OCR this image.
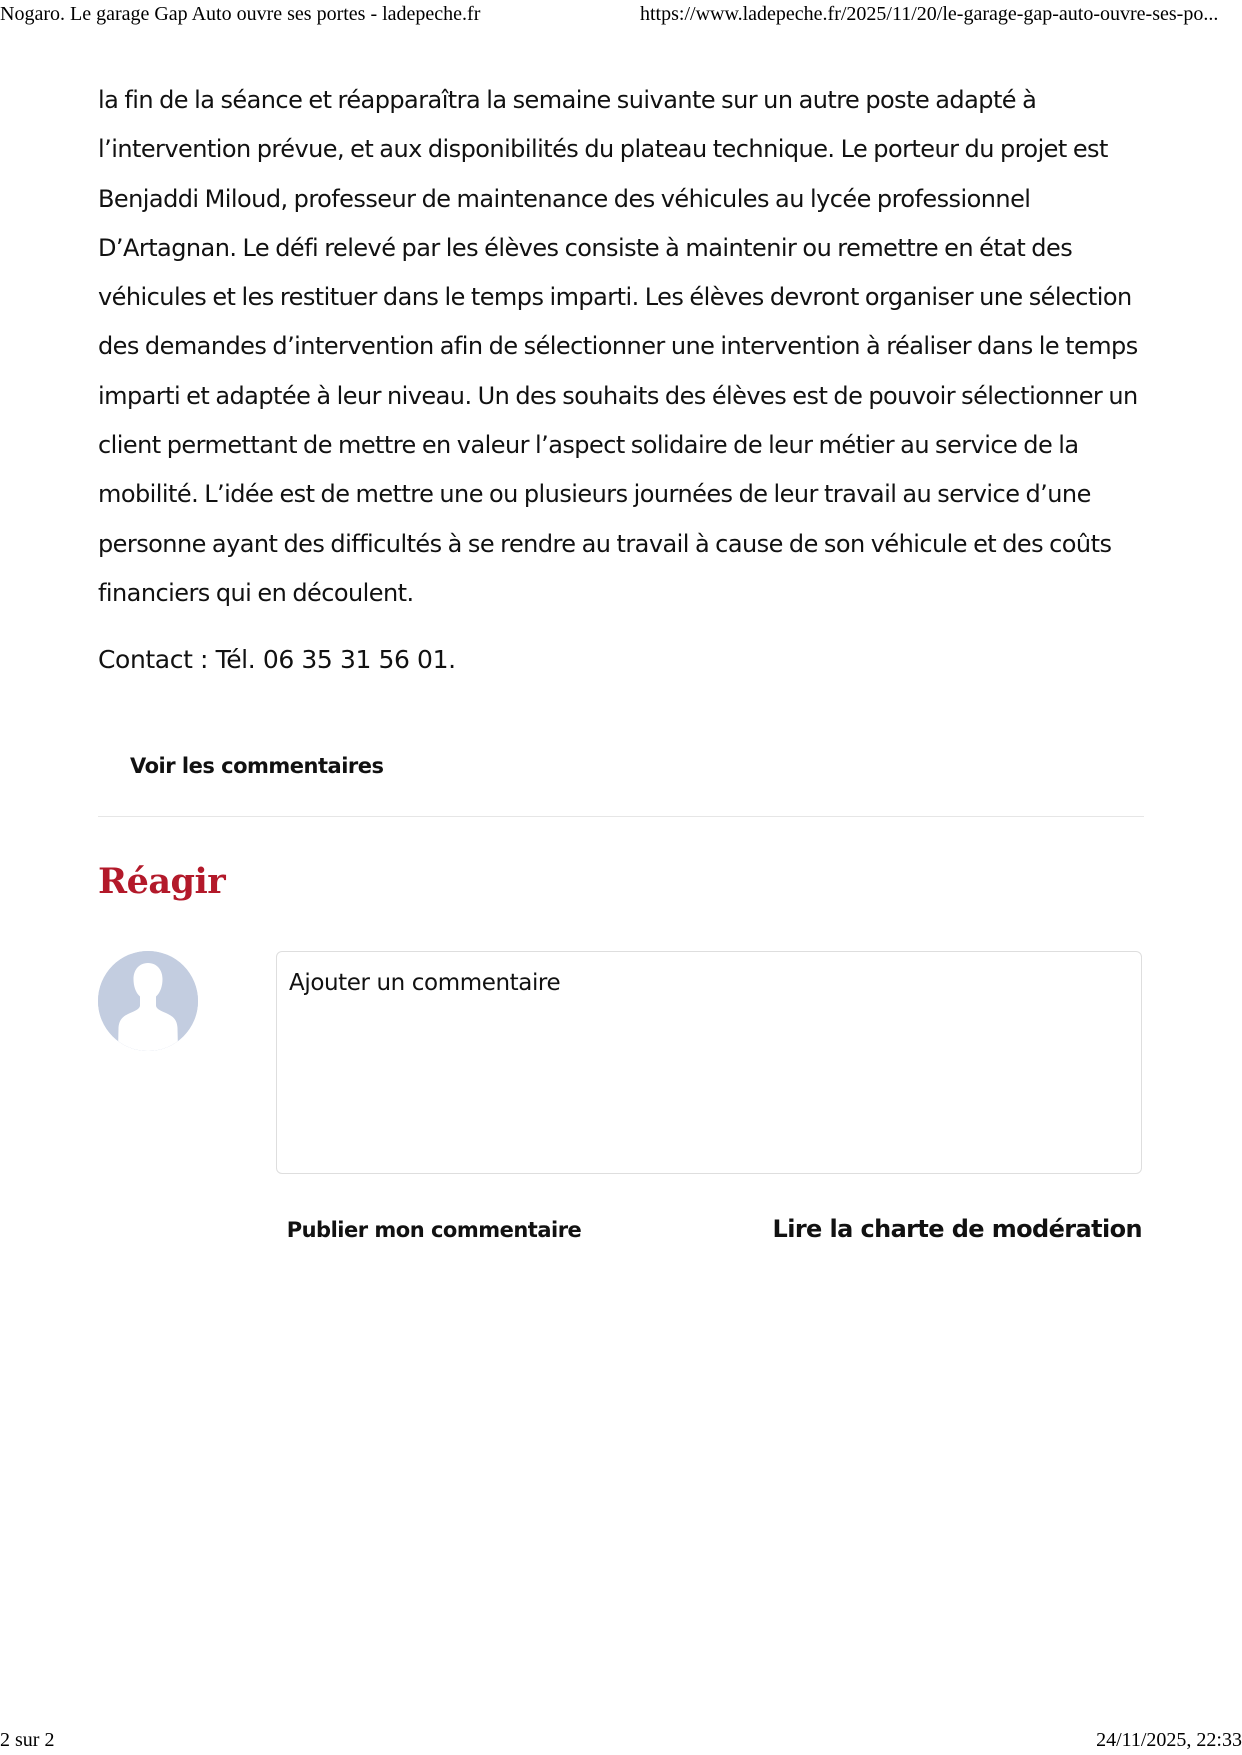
Nogaro. Le garage Gap Auto ouvre ses portes - ladepeche.fr	https://www.ladepeche.fr/2025/11/20/le-garage-gap-auto-ouvre-ses-po...

la fin de la séance et réapparaîtra la semaine suivante sur un autre poste adapté à l’intervention prévue, et aux disponibilités du plateau technique. Le porteur du projet est Benjaddi Miloud, professeur de maintenance des véhicules au lycée professionnel D’Artagnan. Le défi relevé par les élèves consiste à maintenir ou remettre en état des véhicules et les restituer dans le temps imparti. Les élèves devront organiser une sélection des demandes d’intervention afin de sélectionner une intervention à réaliser dans le temps imparti et adaptée à leur niveau. Un des souhaits des élèves est de pouvoir sélectionner un client permettant de mettre en valeur l’aspect solidaire de leur métier au service de la mobilité. L’idée est de mettre une ou plusieurs journées de leur travail au service d’une personne ayant des difficultés à se rendre au travail à cause de son véhicule et des coûts financiers qui en découlent.

Contact : Tél. 06 35 31 56 01.

Voir les commentaires
Réagir
Ajouter un commentaire
Publier mon commentaire	Lire la charte de modération
2 sur 2	24/11/2025, 22:33
